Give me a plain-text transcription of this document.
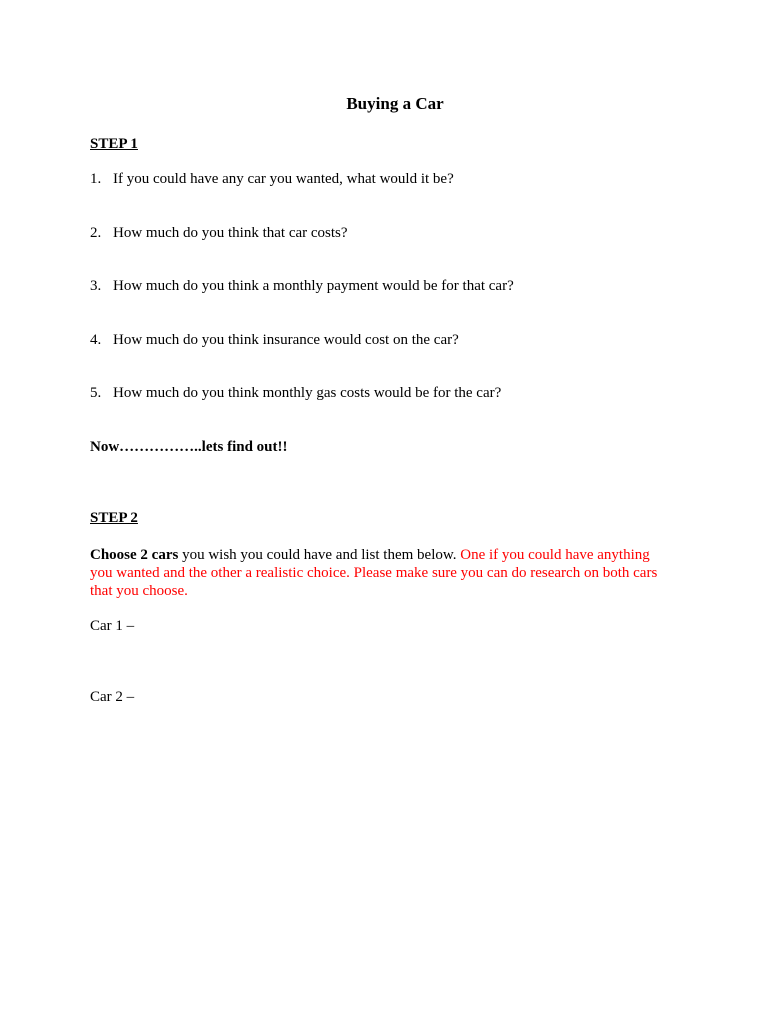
Buying a Car
STEP 1
1. If you could have any car you wanted, what would it be?
2. How much do you think that car costs?
3. How much do you think a monthly payment would be for that car?
4. How much do you think insurance would cost on the car?
5. How much do you think monthly gas costs would be for the car?
Now……………..lets find out!!
STEP 2
Choose 2 cars you wish you could have and list them below. One if you could have anything you wanted and the other a realistic choice. Please make sure you can do research on both cars that you choose.
Car 1 –
Car 2 –
